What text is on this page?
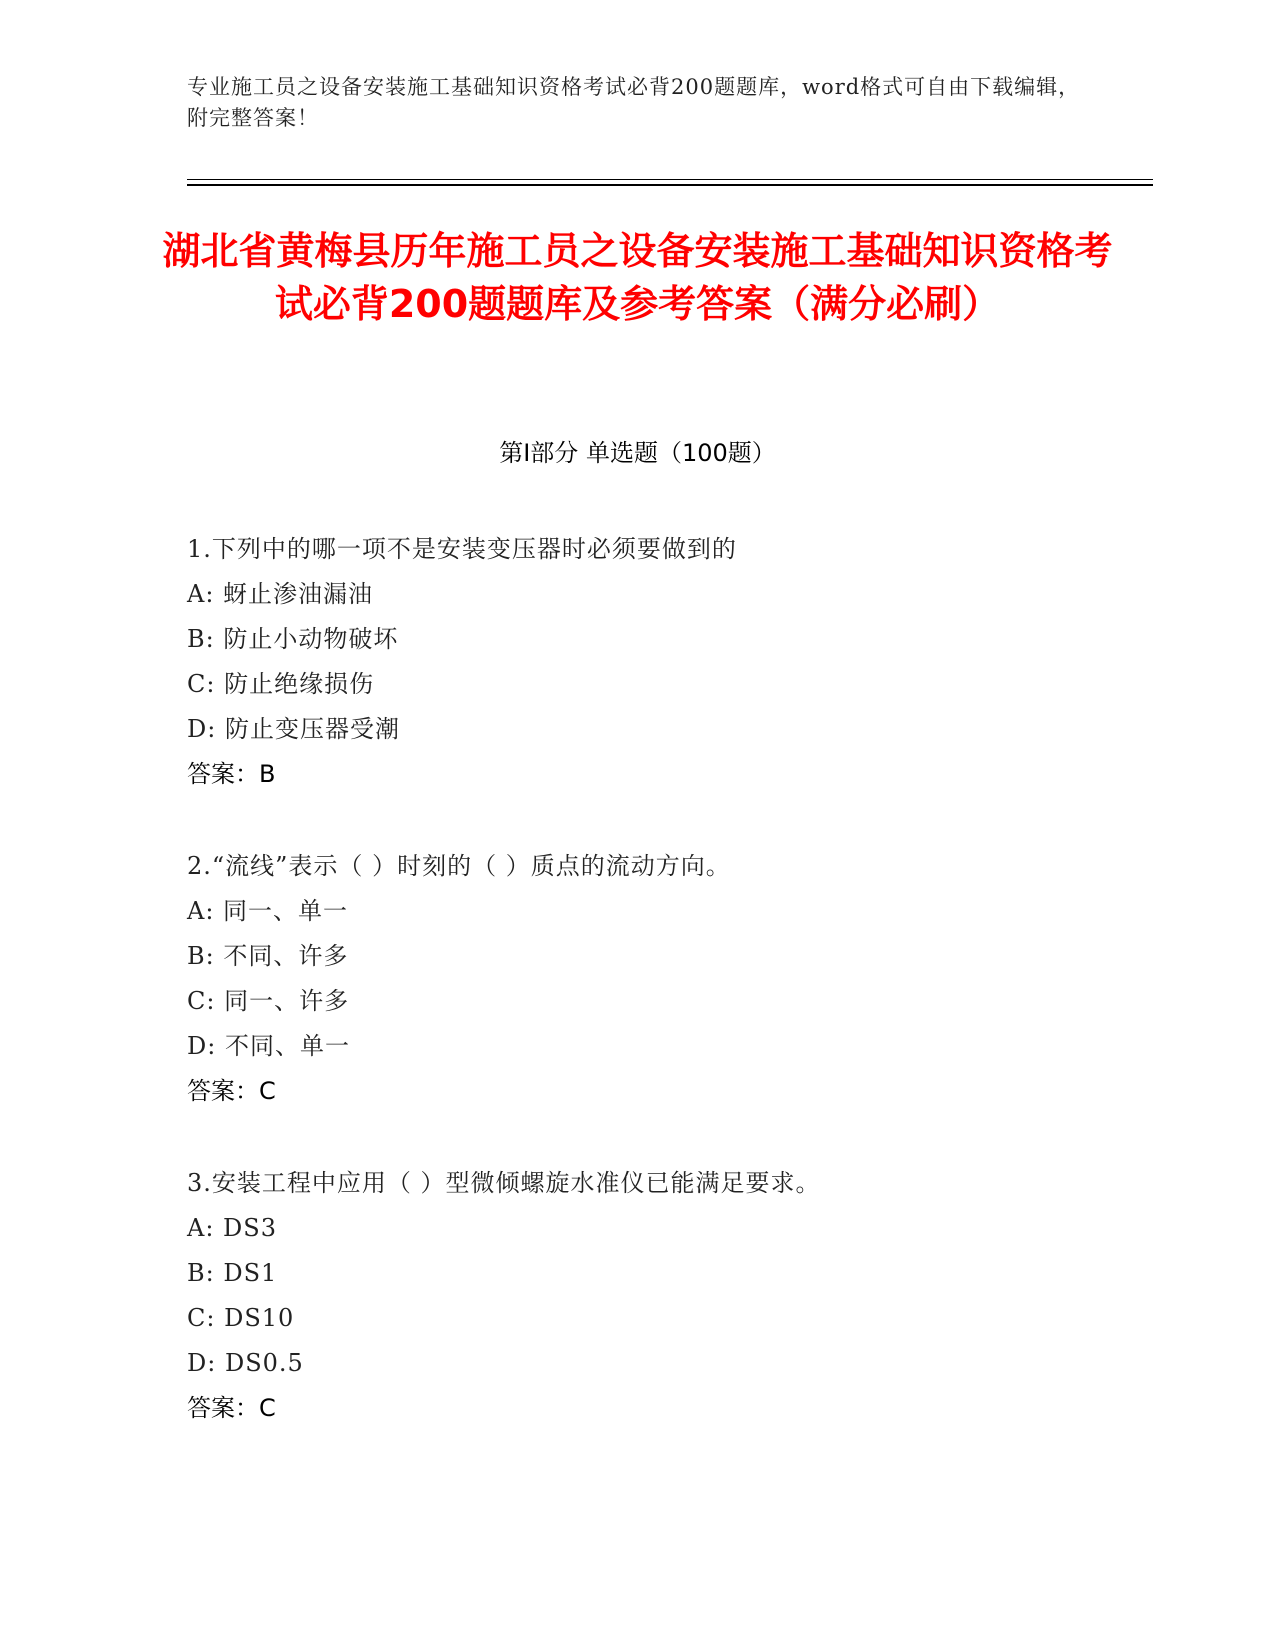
专业施工员之设备安装施工基础知识资格考试必背200题题库，word格式可自由下载编辑，附完整答案！
湖北省黄梅县历年施工员之设备安装施工基础知识资格考试必背200题题库及参考答案（满分必刷）
第I部分 单选题（100题）
1.下列中的哪一项不是安装变压器时必须要做到的
A: 蚜止渗油漏油
B: 防止小动物破坏
C: 防止绝缘损伤
D: 防止变压器受潮
答案：B
2.“流线”表示（ ）时刻的（ ）质点的流动方向。
A: 同一、单一
B: 不同、许多
C: 同一、许多
D: 不同、单一
答案：C
3.安装工程中应用（ ）型微倾螺旋水准仪已能满足要求。
A: DS3
B: DS1
C: DS10
D: DS0.5
答案：C
